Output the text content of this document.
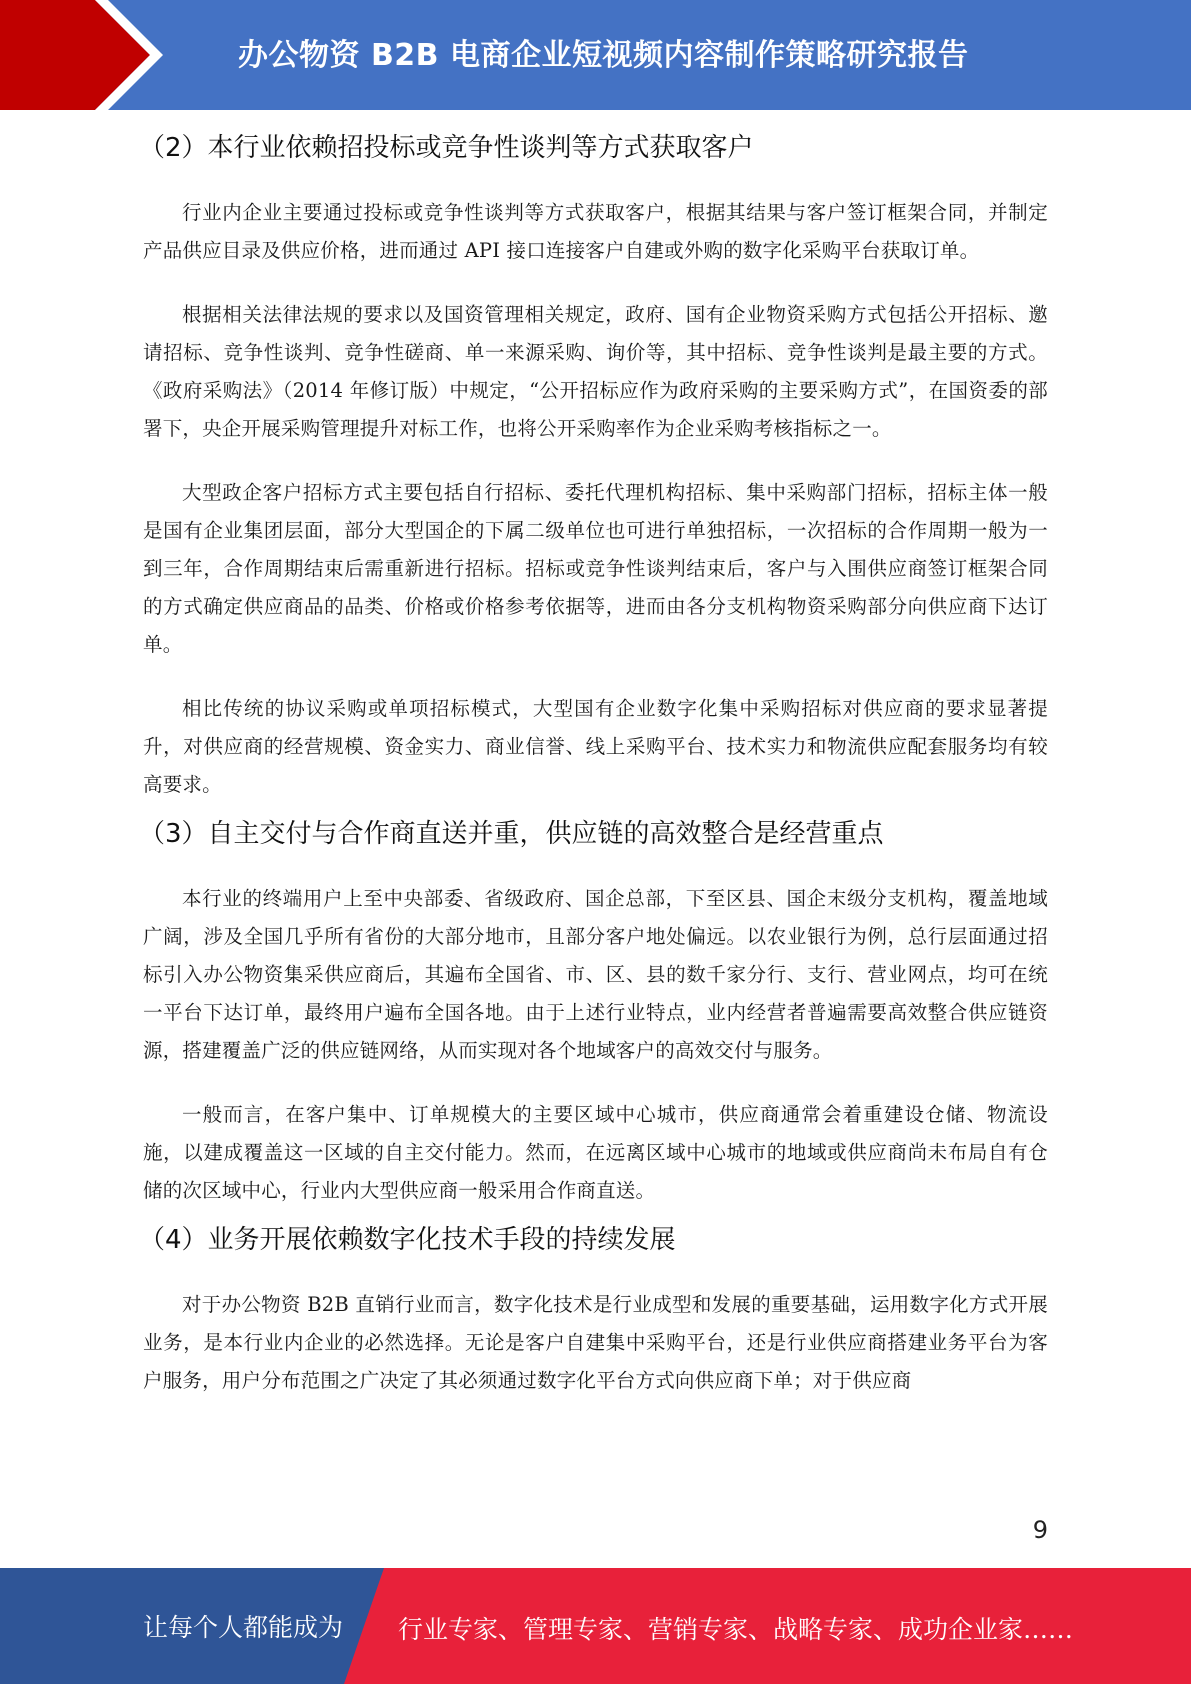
办公物资 B2B 电商企业短视频内容制作策略研究报告
（2）本行业依赖招投标或竞争性谈判等方式获取客户

行业内企业主要通过投标或竞争性谈判等方式获取客户，根据其结果与客户签订框架合同，并制定产品供应目录及供应价格，进而通过 API 接口连接客户自建或外购的数字化采购平台获取订单。

根据相关法律法规的要求以及国资管理相关规定，政府、国有企业物资采购方式包括公开招标、邀请招标、竞争性谈判、竞争性磋商、单一来源采购、询价等，其中招标、竞争性谈判是最主要的方式。《政府采购法》（2014 年修订版）中规定，“公开招标应作为政府采购的主要采购方式”，在国资委的部署下，央企开展采购管理提升对标工作，也将公开采购率作为企业采购考核指标之一。

大型政企客户招标方式主要包括自行招标、委托代理机构招标、集中采购部门招标，招标主体一般是国有企业集团层面，部分大型国企的下属二级单位也可进行单独招标，一次招标的合作周期一般为一到三年，合作周期结束后需重新进行招标。招标或竞争性谈判结束后，客户与入围供应商签订框架合同的方式确定供应商品的品类、价格或价格参考依据等，进而由各分支机构物资采购部分向供应商下达订单。

相比传统的协议采购或单项招标模式，大型国有企业数字化集中采购招标对供应商的要求显著提升，对供应商的经营规模、资金实力、商业信誉、线上采购平台、技术实力和物流供应配套服务均有较高要求。

（3）自主交付与合作商直送并重，供应链的高效整合是经营重点

本行业的终端用户上至中央部委、省级政府、国企总部，下至区县、国企末级分支机构，覆盖地域广阔，涉及全国几乎所有省份的大部分地市，且部分客户地处偏远。以农业银行为例，总行层面通过招标引入办公物资集采供应商后，其遍布全国省、市、区、县的数千家分行、支行、营业网点，均可在统一平台下达订单，最终用户遍布全国各地。由于上述行业特点，业内经营者普遍需要高效整合供应链资源，搭建覆盖广泛的供应链网络，从而实现对各个地域客户的高效交付与服务。

一般而言，在客户集中、订单规模大的主要区域中心城市，供应商通常会着重建设仓储、物流设施，以建成覆盖这一区域的自主交付能力。然而，在远离区域中心城市的地域或供应商尚未布局自有仓储的次区域中心，行业内大型供应商一般采用合作商直送。

（4）业务开展依赖数字化技术手段的持续发展

对于办公物资 B2B 直销行业而言，数字化技术是行业成型和发展的重要基础，运用数字化方式开展业务，是本行业内企业的必然选择。无论是客户自建集中采购平台，还是行业供应商搭建业务平台为客户服务，用户分布范围之广决定了其必须通过数字化平台方式向供应商下单；对于供应商

9
让每个人都能成为 行业专家、管理专家、营销专家、战略专家、成功企业家……
